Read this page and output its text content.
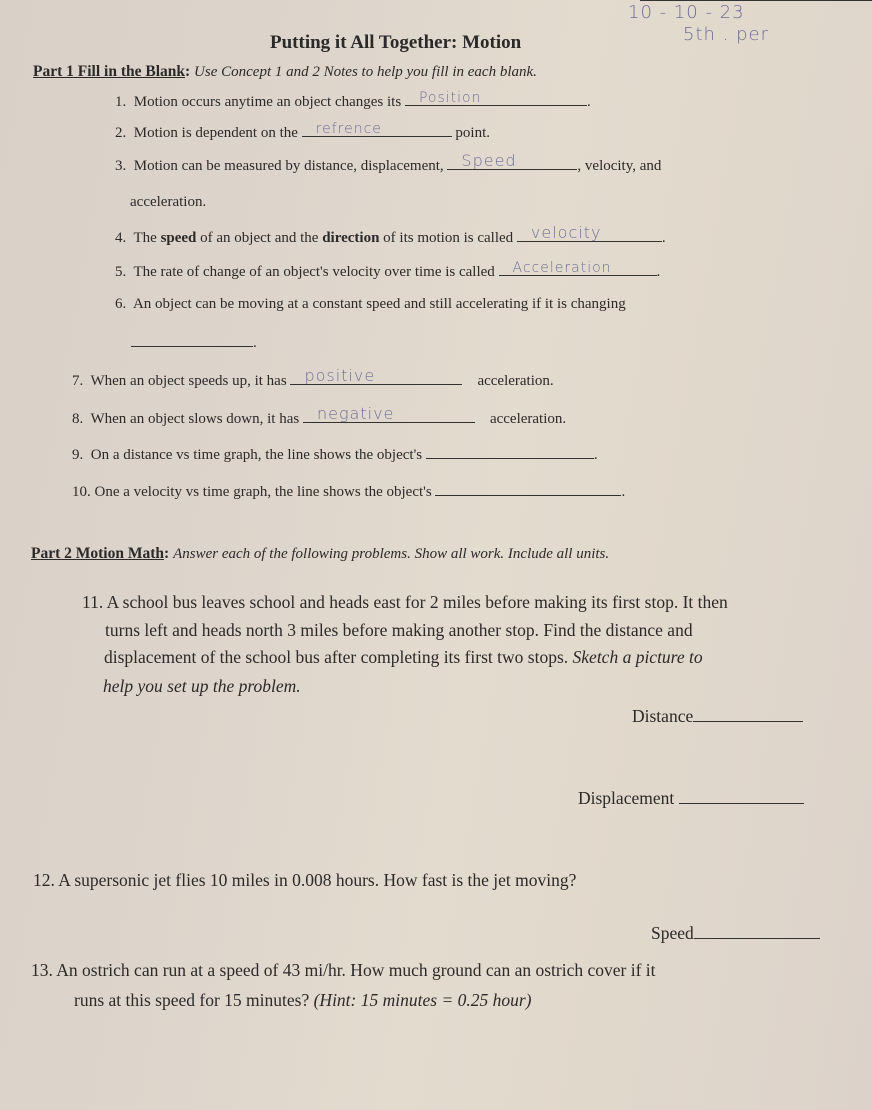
10 - 10 - 23
5th . per
Putting it All Together: Motion
Part 1 Fill in the Blank: Use Concept 1 and 2 Notes to help you fill in each blank.
1. Motion occurs anytime an object changes its Position	.
2. Motion is dependent on the refrence	point.
3. Motion can be measured by distance, displacement, Speed	, velocity, and
acceleration.
4. The speed of an object and the direction of its motion is called velocity	.
5. The rate of change of an object's velocity over time is called Acceleration	.
6. An object can be moving at a constant speed and still accelerating if it is changing
.
7. When an object speeds up, it has positive	acceleration.
8. When an object slows down, it has negative	acceleration.
9. On a distance vs time graph, the line shows the object's	.
10. One a velocity vs time graph, the line shows the object's	.
Part 2 Motion Math: Answer each of the following problems. Show all work. Include all units.
11. A school bus leaves school and heads east for 2 miles before making its first stop. It then
turns left and heads north 3 miles before making another stop. Find the distance and
displacement of the school bus after completing its first two stops. Sketch a picture to
help you set up the problem.
Distance
Displacement
12. A supersonic jet flies 10 miles in 0.008 hours. How fast is the jet moving?
Speed
13. An ostrich can run at a speed of 43 mi/hr. How much ground can an ostrich cover if it
runs at this speed for 15 minutes? (Hint: 15 minutes = 0.25 hour)
